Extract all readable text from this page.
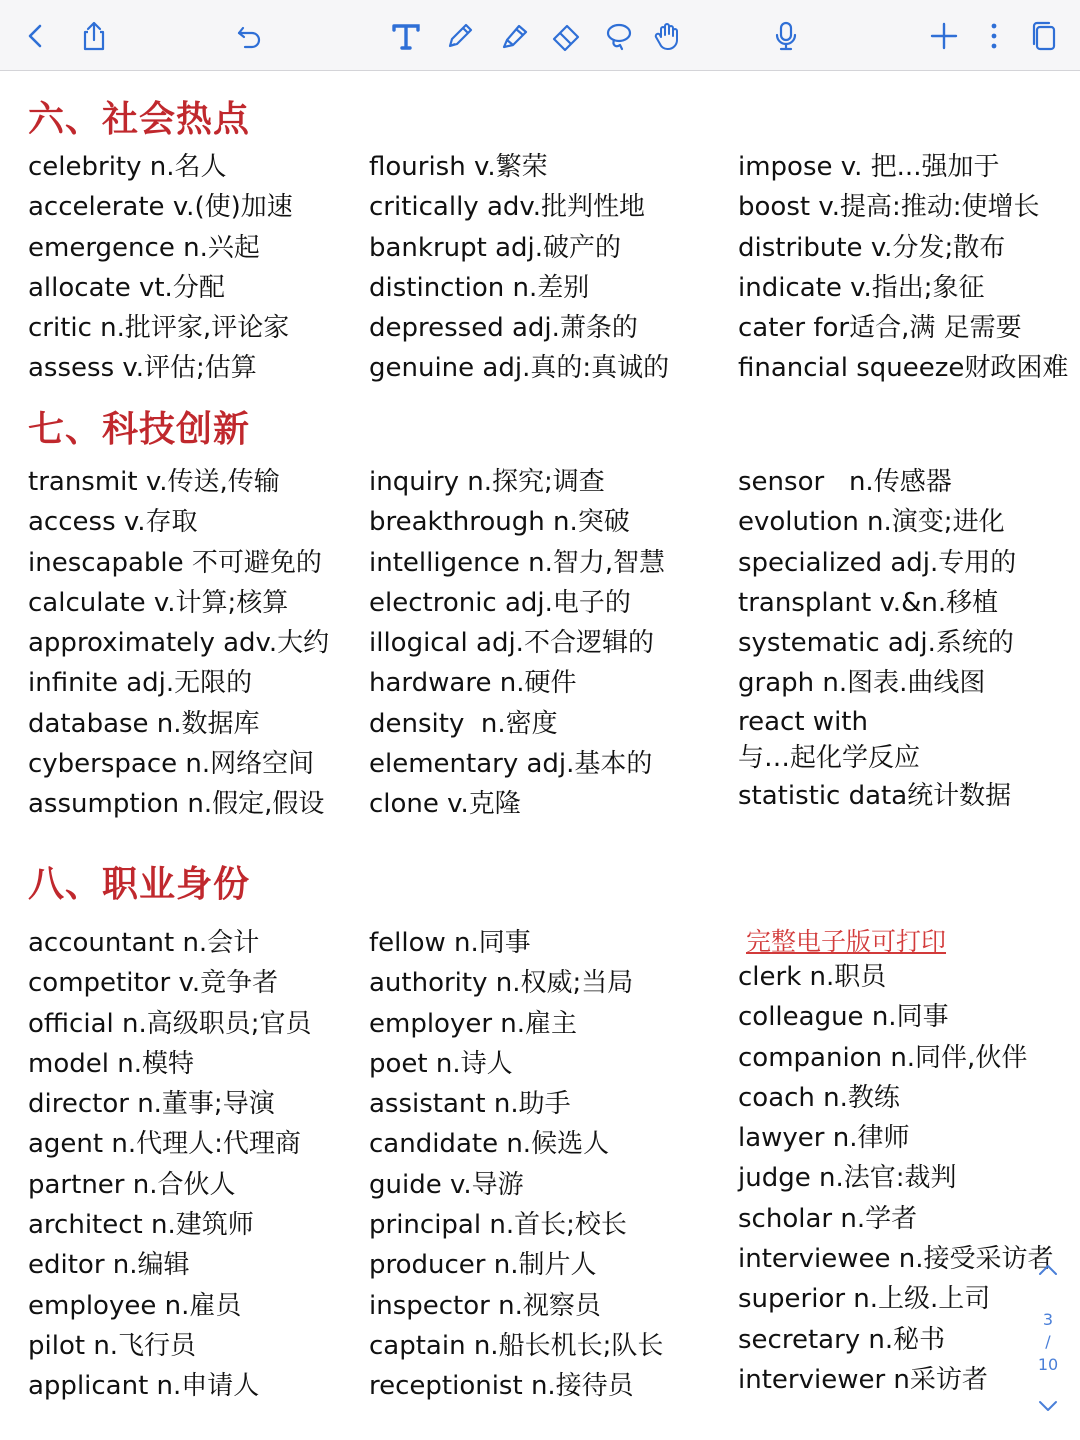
六、社会热点
celebrity n.名人
accelerate v.(使)加速
emergence n.兴起
allocate vt.分配
critic n.批评家,评论家
assess v.评估;估算
flourish v.繁荣
critically adv.批判性地
bankrupt adj.破产的
distinction n.差别
depressed adj.萧条的
genuine adj.真的:真诚的
impose v. 把...强加于
boost v.提高:推动:使增长
distribute v.分发;散布
indicate v.指出;象征
cater for适合,满 足需要
financial squeeze财政困难
七、科技创新
transmit v.传送,传输
access v.存取
inescapable 不可避免的
calculate v.计算;核算
approximately adv.大约
infinite adj.无限的
database n.数据库
cyberspace n.网络空间
assumption n.假定,假设
inquiry n.探究;调查
breakthrough n.突破
intelligence n.智力,智慧
electronic adj.电子的
illogical adj.不合逻辑的
hardware n.硬件
density  n.密度
elementary adj.基本的
clone v.克隆
sensor   n.传感器
evolution n.演变;进化
specialized adj.专用的
transplant v.&n.移植
systematic adj.系统的
graph n.图表.曲线图
react with
与…起化学反应
statistic data统计数据
八、职业身份
accountant n.会计
competitor v.竞争者
official n.高级职员;官员
model n.模特
director n.董事;导演
agent n.代理人:代理商
partner n.合伙人
architect n.建筑师
editor n.编辑
employee n.雇员
pilot n.飞行员
applicant n.申请人
fellow n.同事
authority n.权威;当局
employer n.雇主
poet n.诗人
assistant n.助手
candidate n.候选人
guide v.导游
principal n.首长;校长
producer n.制片人
inspector n.视察员
captain n.船长机长;队长
receptionist n.接待员
完整电子版可打印
clerk n.职员
colleague n.同事
companion n.同伴,伙伴
coach n.教练
lawyer n.律师
judge n.法官:裁判
scholar n.学者
interviewee n.接受采访者
superior n.上级.上司
secretary n.秘书
interviewer n采访者
3
/
10
